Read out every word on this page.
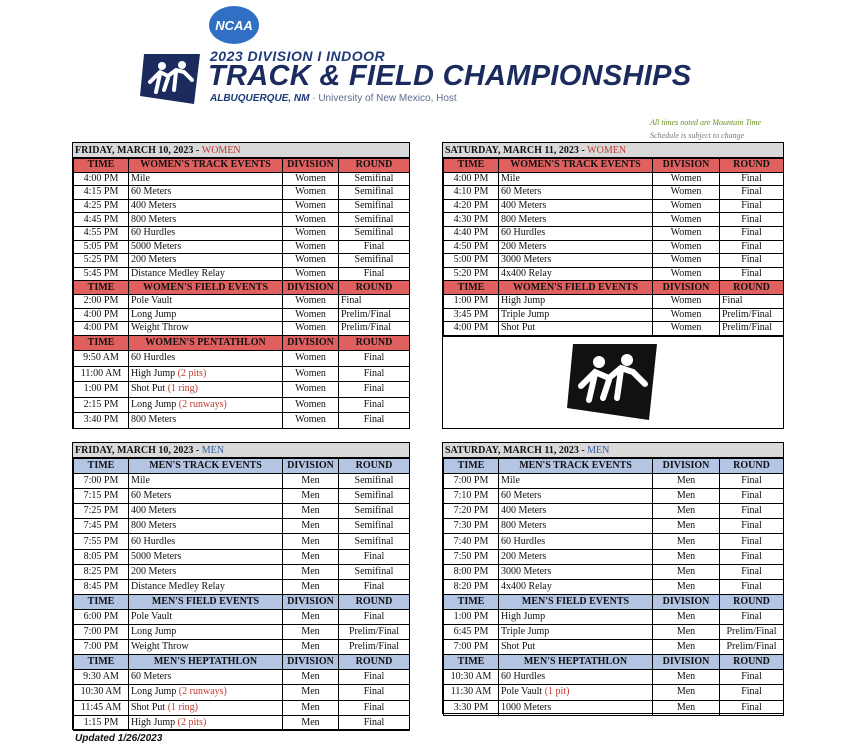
NCAA
2023 DIVISION I INDOOR
TRACK & FIELD CHAMPIONSHIPS
ALBUQUERQUE, NM · University of New Mexico, Host
All times noted are Mountain Time
Schedule is subject to change
FRIDAY, MARCH 10, 2023 - WOMEN
TIME	WOMEN'S TRACK EVENTS	DIVISION	ROUND
4:00 PM	Mile	Women	Semifinal
4:15 PM	60 Meters	Women	Semifinal
4:25 PM	400 Meters	Women	Semifinal
4:45 PM	800 Meters	Women	Semifinal
4:55 PM	60 Hurdles	Women	Semifinal
5:05 PM	5000 Meters	Women	Final
5:25 PM	200 Meters	Women	Semifinal
5:45 PM	Distance Medley Relay	Women	Final
TIME	WOMEN'S FIELD EVENTS	DIVISION	ROUND
2:00 PM	Pole Vault	Women	Final
4:00 PM	Long Jump	Women	Prelim/Final
4:00 PM	Weight Throw	Women	Prelim/Final
TIME	WOMEN'S PENTATHLON	DIVISION	ROUND
9:50 AM	60 Hurdles	Women	Final
11:00 AM	High Jump (2 pits)	Women	Final
1:00 PM	Shot Put (1 ring)	Women	Final
2:15 PM	Long Jump (2 runways)	Women	Final
3:40 PM	800 Meters	Women	Final
SATURDAY, MARCH 11, 2023 - WOMEN
TIME	WOMEN'S TRACK EVENTS	DIVISION	ROUND
4:00 PM	Mile	Women	Final
4:10 PM	60 Meters	Women	Final
4:20 PM	400 Meters	Women	Final
4:30 PM	800 Meters	Women	Final
4:40 PM	60 Hurdles	Women	Final
4:50 PM	200 Meters	Women	Final
5:00 PM	3000 Meters	Women	Final
5:20 PM	4x400 Relay	Women	Final
TIME	WOMEN'S FIELD EVENTS	DIVISION	ROUND
1:00 PM	High Jump	Women	Final
3:45 PM	Triple Jump	Women	Prelim/Final
4:00 PM	Shot Put	Women	Prelim/Final
FRIDAY, MARCH 10, 2023 - MEN
TIME	MEN'S TRACK EVENTS	DIVISION	ROUND
7:00 PM	Mile	Men	Semifinal
7:15 PM	60 Meters	Men	Semifinal
7:25 PM	400 Meters	Men	Semifinal
7:45 PM	800 Meters	Men	Semifinal
7:55 PM	60 Hurdles	Men	Semifinal
8:05 PM	5000 Meters	Men	Final
8:25 PM	200 Meters	Men	Semifinal
8:45 PM	Distance Medley Relay	Men	Final
TIME	MEN'S FIELD EVENTS	DIVISION	ROUND
6:00 PM	Pole Vault	Men	Final
7:00 PM	Long Jump	Men	Prelim/Final
7:00 PM	Weight Throw	Men	Prelim/Final
TIME	MEN'S HEPTATHLON	DIVISION	ROUND
9:30 AM	60 Meters	Men	Final
10:30 AM	Long Jump (2 runways)	Men	Final
11:45 AM	Shot Put (1 ring)	Men	Final
1:15 PM	High Jump (2 pits)	Men	Final
SATURDAY, MARCH 11, 2023 - MEN
TIME	MEN'S TRACK EVENTS	DIVISION	ROUND
7:00 PM	Mile	Men	Final
7:10 PM	60 Meters	Men	Final
7:20 PM	400 Meters	Men	Final
7:30 PM	800 Meters	Men	Final
7:40 PM	60 Hurdles	Men	Final
7:50 PM	200 Meters	Men	Final
8:00 PM	3000 Meters	Men	Final
8:20 PM	4x400 Relay	Men	Final
TIME	MEN'S FIELD EVENTS	DIVISION	ROUND
1:00 PM	High Jump	Men	Final
6:45 PM	Triple Jump	Men	Prelim/Final
7:00 PM	Shot Put	Men	Prelim/Final
TIME	MEN'S HEPTATHLON	DIVISION	ROUND
10:30 AM	60 Hurdles	Men	Final
11:30 AM	Pole Vault (1 pit)	Men	Final
3:30 PM	1000 Meters	Men	Final
Updated 1/26/2023
